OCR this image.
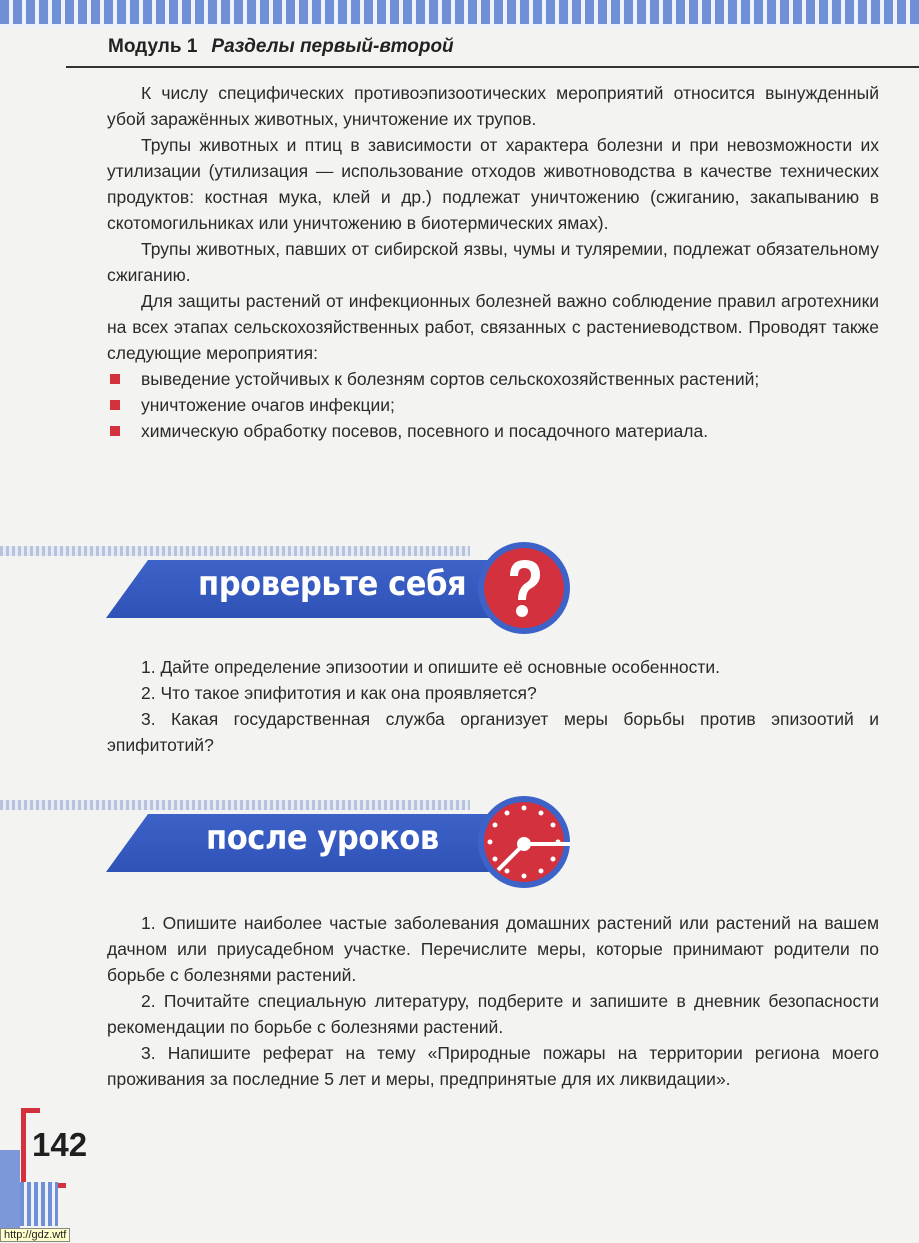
Модуль 1 Разделы первый-второй

К числу специфических противоэпизоотических мероприятий относится вынужденный убой заражённых животных, уничтожение их трупов.

Трупы животных и птиц в зависимости от характера болезни и при невозможности их утилизации (утилизация — использование отходов животноводства в качестве технических продуктов: костная мука, клей и др.) подлежат уничтожению (сжиганию, закапыванию в скотомогильниках или уничтожению в биотермических ямах).

Трупы животных, павших от сибирской язвы, чумы и туляремии, подлежат обязательному сжиганию.

Для защиты растений от инфекционных болезней важно соблюдение правил агротехники на всех этапах сельскохозяйственных работ, связанных с растениеводством. Проводят также следующие мероприятия:

выведение устойчивых к болезням сортов сельскохозяйственных растений;
уничтожение очагов инфекции;
химическую обработку посевов, посевного и посадочного материала.
проверьте себя

1. Дайте определение эпизоотии и опишите её основные особенности.

2. Что такое эпифитотия и как она проявляется?

3. Какая государственная служба организует меры борьбы против эпизоотий и эпифитотий?

после уроков

1. Опишите наиболее частые заболевания домашних растений или растений на вашем дачном или приусадебном участке. Перечислите меры, которые принимают родители по борьбе с болезнями растений.

2. Почитайте специальную литературу, подберите и запишите в дневник безопасности рекомендации по борьбе с болезнями растений.

3. Напишите реферат на тему «Природные пожары на территории региона моего проживания за последние 5 лет и меры, предпринятые для их ликвидации».

142
http://gdz.wtf
